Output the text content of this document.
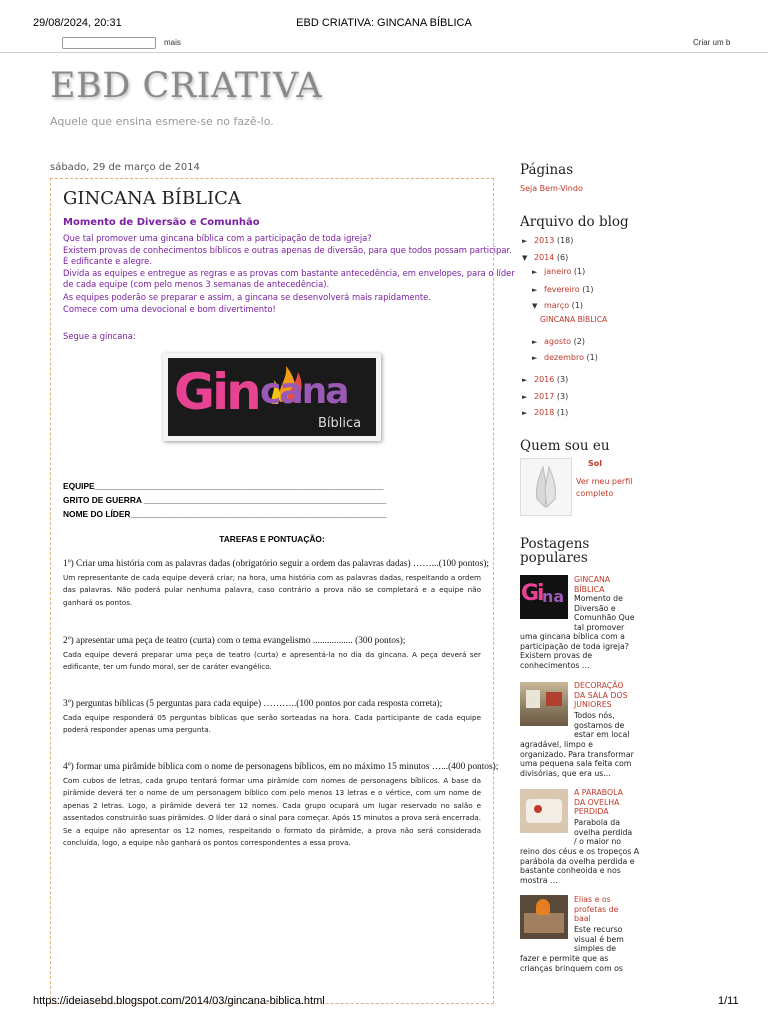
29/08/2024, 20:31	EBD CRIATIVA: GINCANA BÍBLICA
mais	Criar um b
EBD CRIATIVA
Aquele que ensina esmere-se no fazê-lo.
sábado, 29 de março de 2014
GINCANA BÍBLICA
Momento de Diversão e Comunhão
Que tal promover uma gincana bíblica com a participação de toda igreja?
Existem provas de conhecimentos bíblicos e outras apenas de diversão, para que todos possam participar.
É edificante e alegre.
Divida as equipes e entregue as regras e as provas com bastante antecedência, em envelopes, para o líder
de cada equipe (com pelo menos 3 semanas de antecedência).
As equipes poderão se preparar e assim, a gincana se desenvolverá mais rapidamente.
Comece com uma devocional e bom divertimento!
Segue a gincana:
Gin cana
Bíblica
EQUIPE______________________________________________________________
GRITO DE GUERRA ____________________________________________________
NOME DO LÍDER_______________________________________________________
TAREFAS E PONTUAÇÃO:
1º) Criar uma história com as palavras dadas (obrigatório seguir a ordem das palavras dadas) ……...(100 pontos);
Um representante de cada equipe deverá criar; na hora, uma história com as palavras dadas, respeitando a ordem das palavras. Não poderá pular nenhuma palavra, caso contrário a prova não se completará e a equipe não ganhará os pontos.
2º) apresentar uma peça de teatro (curta) com o tema evangelismo ................. (300 pontos);
Cada equipe deverá preparar uma peça de teatro (curta) e apresentá-la no dia da gincana. A peça deverá ser edificante, ter um fundo moral, ser de caráter evangélico.
3º) perguntas bíblicas (5 perguntas para cada equipe) ………..(100 pontos por cada resposta correta);
Cada equipe responderá 05 perguntas bíblicas que serão sorteadas na hora. Cada participante de cada equipe poderá responder apenas uma pergunta.
4º) formar uma pirâmide bíblica com o nome de personagens bíblicos, em no máximo 15 minutos …...(400 pontos);
Com cubos de letras, cada grupo tentará formar uma pirâmide com nomes de personagens bíblicos. A base da pirâmide deverá ter o nome de um personagem bíblico com pelo menos 13 letras e o vértice, com um nome de apenas 2 letras. Logo, a pirâmide deverá ter 12 nomes. Cada grupo ocupará um lugar reservado no salão e assentados construirão suas pirâmides. O líder dará o sinal para começar. Após 15 minutos a prova será encerrada. Se a equipe não apresentar os 12 nomes, respeitando o formato da pirâmide, a prova não será considerada concluída, logo, a equipe não ganhará os pontos correspondentes a essa prova.
Páginas
Seja Bem-Vindo
Arquivo do blog
► 2013 (18)
▼ 2014 (6)
► janeiro (1)
► fevereiro (1)
▼ março (1)
GINCANA BÍBLICA
► agosto (2)
► dezembro (1)
► 2016 (3)
► 2017 (3)
► 2018 (1)
Quem sou eu
Sol
Ver meu perfil completo
Postagens
populares
Gi na
GINCANA BÍBLICA
Momento de
Diversão e
Comunhão Que
tal promover
uma gincana bíblica com a
participação de toda igreja?
Existem provas de
conhecimentos …
DECORAÇÃO DA SALA DOS JUNIORES
Todos nós,
gostamos de
estar em local
agradável, limpo e
organizado. Para transformar
uma pequena sala feita com
divisórias, que era us...
A PARABOLA DA OVELHA PERDIDA
Parabola da
ovelha perdida
/ o maior no
reino dos céus e os tropeços A
parábola da ovelha perdida e
bastante conheoida e nos
mostra …
Elias e os profetas de baal
Este recurso
visual é bem
simples de
fazer e permite que as
crianças brinquem com os
https://ideiasebd.blogspot.com/2014/03/gincana-biblica.html	1/11
